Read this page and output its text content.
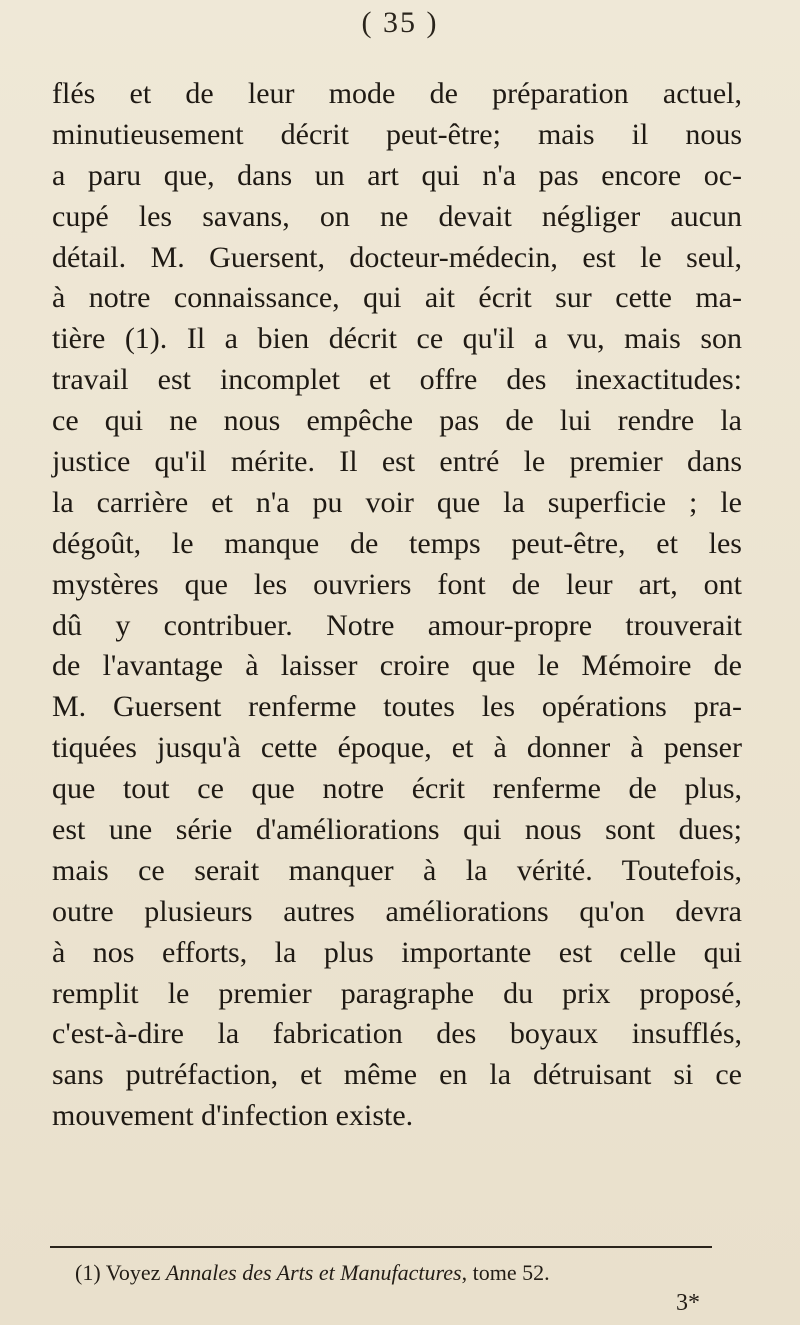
( 35 )
flés et de leur mode de préparation actuel,
minutieusement décrit peut-être; mais il nous
a paru que, dans un art qui n'a pas encore oc-
cupé les savans, on ne devait négliger aucun
détail. M. Guersent, docteur-médecin, est le seul,
à notre connaissance, qui ait écrit sur cette ma-
tière (1). Il a bien décrit ce qu'il a vu, mais son
travail est incomplet et offre des inexactitudes:
ce qui ne nous empêche pas de lui rendre la
justice qu'il mérite. Il est entré le premier dans
la carrière et n'a pu voir que la superficie ; le
dégoût, le manque de temps peut-être, et les
mystères que les ouvriers font de leur art, ont
dû y contribuer. Notre amour-propre trouverait
de l'avantage à laisser croire que le Mémoire de
M. Guersent renferme toutes les opérations pra-
tiquées jusqu'à cette époque, et à donner à penser
que tout ce que notre écrit renferme de plus,
est une série d'améliorations qui nous sont dues;
mais ce serait manquer à la vérité. Toutefois,
outre plusieurs autres améliorations qu'on devra
à nos efforts, la plus importante est celle qui
remplit le premier paragraphe du prix proposé,
c'est-à-dire la fabrication des boyaux insufflés,
sans putréfaction, et même en la détruisant si ce
mouvement d'infection existe.
(1) Voyez Annales des Arts et Manufactures, tome 52.
3*
